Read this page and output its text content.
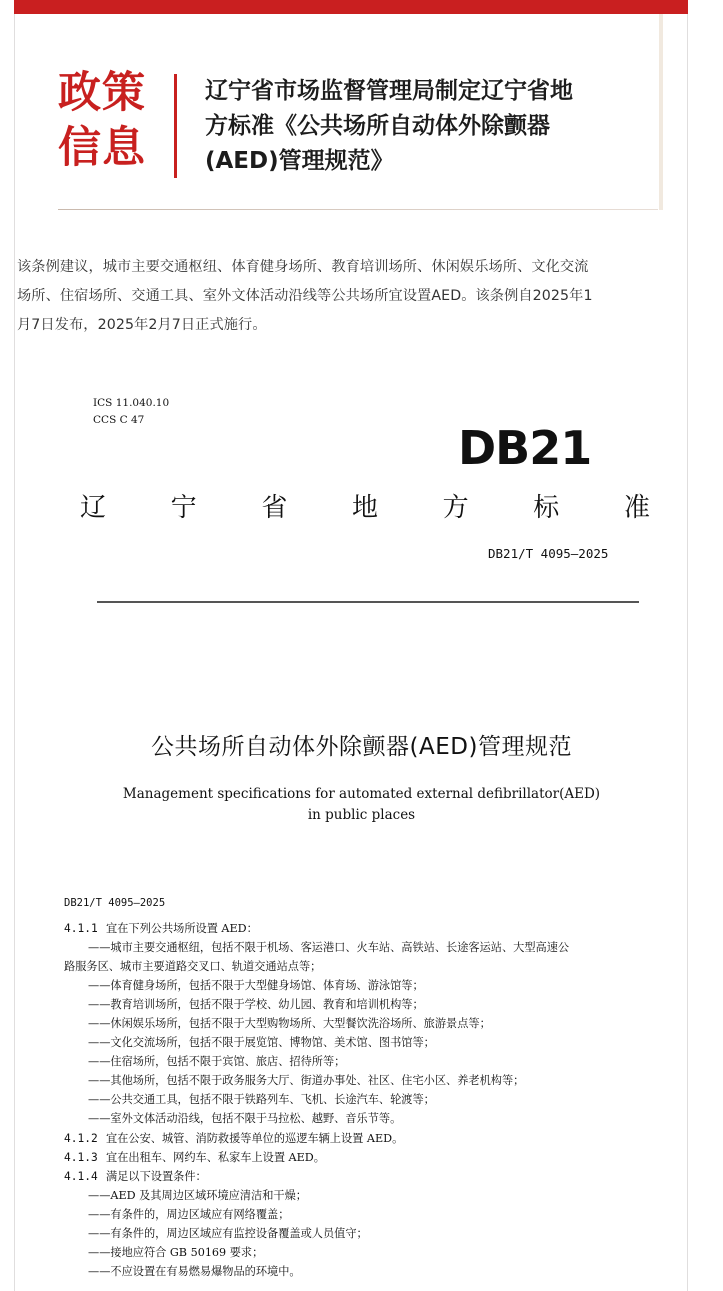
政策
信息
辽宁省市场监督管理局制定辽宁省地
方标准《公共场所自动体外除颤器
(AED)管理规范》
该条例建议，城市主要交通枢纽、体育健身场所、教育培训场所、休闲娱乐场所、文化交流
场所、住宿场所、交通工具、室外文体活动沿线等公共场所宜设置AED。该条例自2025年1
月7日发布，2025年2月7日正式施行。
ICS 11.040.10
CCS C 47
DB21
辽 宁 省 地 方 标 准
DB21/T 4095—2025
公共场所自动体外除颤器(AED)管理规范
Management specifications for automated external defibrillator(AED)
in public places
DB21/T 4095—2025
4.1.1 宜在下列公共场所设置 AED：
——城市主要交通枢纽，包括不限于机场、客运港口、火车站、高铁站、长途客运站、大型高速公
路服务区、城市主要道路交叉口、轨道交通站点等；
——体育健身场所，包括不限于大型健身场馆、体育场、游泳馆等；
——教育培训场所，包括不限于学校、幼儿园、教育和培训机构等；
——休闲娱乐场所，包括不限于大型购物场所、大型餐饮洗浴场所、旅游景点等；
——文化交流场所，包括不限于展览馆、博物馆、美术馆、图书馆等；
——住宿场所，包括不限于宾馆、旅店、招待所等；
——其他场所，包括不限于政务服务大厅、街道办事处、社区、住宅小区、养老机构等；
——公共交通工具，包括不限于铁路列车、飞机、长途汽车、轮渡等；
——室外文体活动沿线，包括不限于马拉松、越野、音乐节等。
4.1.2 宜在公安、城管、消防救援等单位的巡逻车辆上设置 AED。
4.1.3 宜在出租车、网约车、私家车上设置 AED。
4.1.4 满足以下设置条件：
——AED 及其周边区域环境应清洁和干燥；
——有条件的，周边区域应有网络覆盖；
——有条件的，周边区域应有监控设备覆盖或人员值守；
——接地应符合 GB 50169 要求；
——不应设置在有易燃易爆物品的环境中。
